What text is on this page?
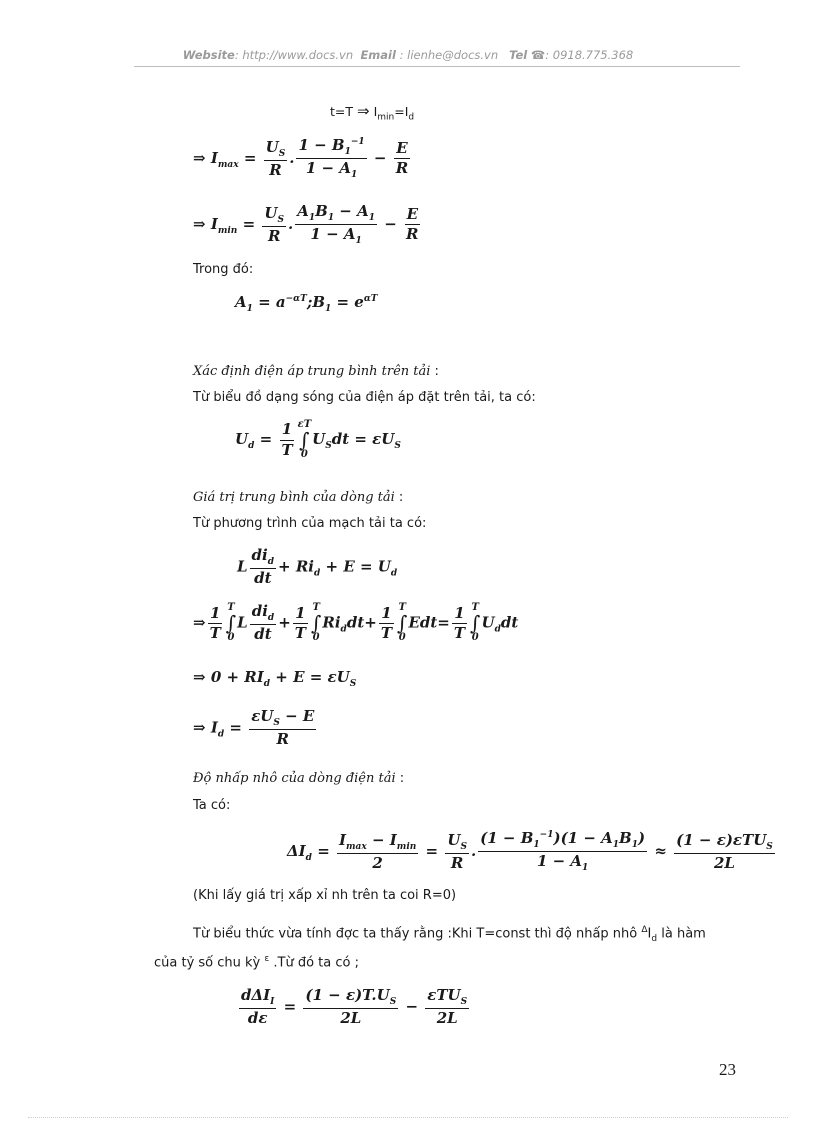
Website: http://www.docs.vn Email : lienhe@docs.vn Tel ☎: 0918.775.368
t=T ⇒ $I_{min}=I_d$
⇒ $I_{max} = \frac{U_S}{R}$ . $\frac{1 - B_1^{-1}}{1 - A_1} - \frac{E}{R}$
⇒ $I_{min} = \frac{U_S}{R}$ . $\frac{A_1B_1 - A_1}{1 - A_1} - \frac{E}{R}$
Trong đó:
$A_1$ = $a^{-\alpha T};B_1 = e^{\alpha T}$
Xác định điện áp trung bình trên tải :
Từ biểu đồ dạng sóng của điện áp đặt trên tải, ta có:
$U_d = \frac{1}{T}$ εT
∫
0
$U_Sdt = \varepsilon U_S$
Giá trị trung bình của dòng tải :
Từ phương trình của mạch tải ta có:
L $\frac{di_d}{dt} + Ri_d + E = U_d$
⇒ $\frac{1}{T}$ T
∫
0
L $\frac{di_d}{dt} + \frac{1}{T}$ T
∫
0
$Ri_ddt+ \frac{1}{T}$ T
∫
0
$Edt= \frac{1}{T}$ T
∫
0
$U_ddt$
⇒ $0 + RI_d + E = \varepsilon U_S$
⇒ $I_d = \frac{\varepsilon U_S - E}{R}$
Độ nhấp nhô của dòng điện tải :
Ta có:
$\Delta I_d = \frac{I_{max} - I_{min}}{2} = \frac{U_S}{R}$ . $\frac{(1 - B_1^{-1})(1 - A_1B_1)}{1 - A_1} \approx \frac{(1 - \varepsilon)\varepsilon TU_S}{2L}$
(Khi lấy giá trị xấp xỉ nh trên ta coi R=0)
Từ biểu thức vừa tính đợc ta thấy rằng :Khi T=const thì độ nhấp nhô $^\Delta I_d$ là hàm
của tỷ số chu kỳ $^\varepsilon$ .Từ đó ta có ;
$\frac{d\Delta I_I}{d\varepsilon} = \frac{(1 - \varepsilon)T.U_S}{2L} - \frac{\varepsilon TU_S}{2L}$
23
